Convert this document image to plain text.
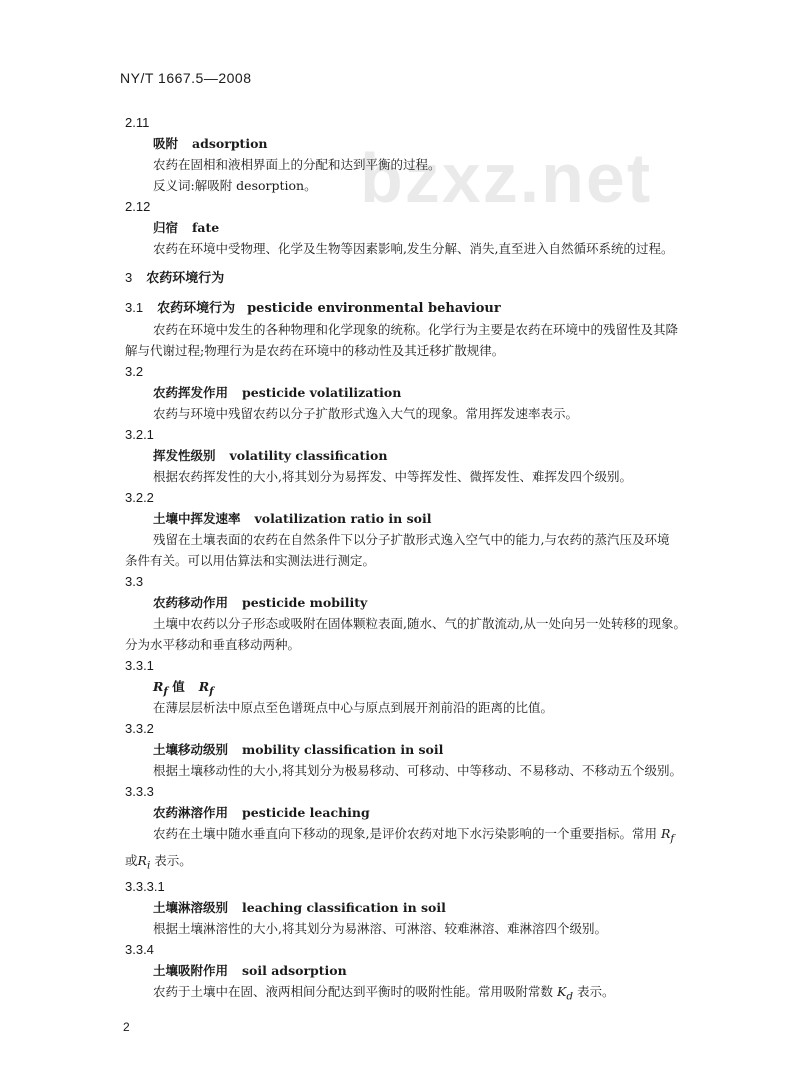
NY/T 1667.5—2008
bzxz.net
2.11
吸附 adsorption
农药在固相和液相界面上的分配和达到平衡的过程。
反义词:解吸附 desorption。
2.12
归宿 fate
农药在环境中受物理、化学及生物等因素影响,发生分解、消失,直至进入自然循环系统的过程。
3 农药环境行为
3.1 农药环境行为 pesticide environmental behaviour
农药在环境中发生的各种物理和化学现象的统称。化学行为主要是农药在环境中的残留性及其降
解与代谢过程;物理行为是农药在环境中的移动性及其迁移扩散规律。
3.2
农药挥发作用 pesticide volatilization
农药与环境中残留农药以分子扩散形式逸入大气的现象。常用挥发速率表示。
3.2.1
挥发性级别 volatility classification
根据农药挥发性的大小,将其划分为易挥发、中等挥发性、微挥发性、难挥发四个级别。
3.2.2
土壤中挥发速率 volatilization ratio in soil
残留在土壤表面的农药在自然条件下以分子扩散形式逸入空气中的能力,与农药的蒸汽压及环境
条件有关。可以用估算法和实测法进行测定。
3.3
农药移动作用 pesticide mobility
土壤中农药以分子形态或吸附在固体颗粒表面,随水、气的扩散流动,从一处向另一处转移的现象。
分为水平移动和垂直移动两种。
3.3.1
$R_f$ 值 $R_f$
在薄层层析法中原点至色谱斑点中心与原点到展开剂前沿的距离的比值。
3.3.2
土壤移动级别 mobility classification in soil
根据土壤移动性的大小,将其划分为极易移动、可移动、中等移动、不易移动、不移动五个级别。
3.3.3
农药淋溶作用 pesticide leaching
农药在土壤中随水垂直向下移动的现象,是评价农药对地下水污染影响的一个重要指标。常用 $R_f$
或$R_i$ 表示。
3.3.3.1
土壤淋溶级别 leaching classification in soil
根据土壤淋溶性的大小,将其划分为易淋溶、可淋溶、较难淋溶、难淋溶四个级别。
3.3.4
土壤吸附作用 soil adsorption
农药于土壤中在固、液两相间分配达到平衡时的吸附性能。常用吸附常数 $K_d$ 表示。
2
